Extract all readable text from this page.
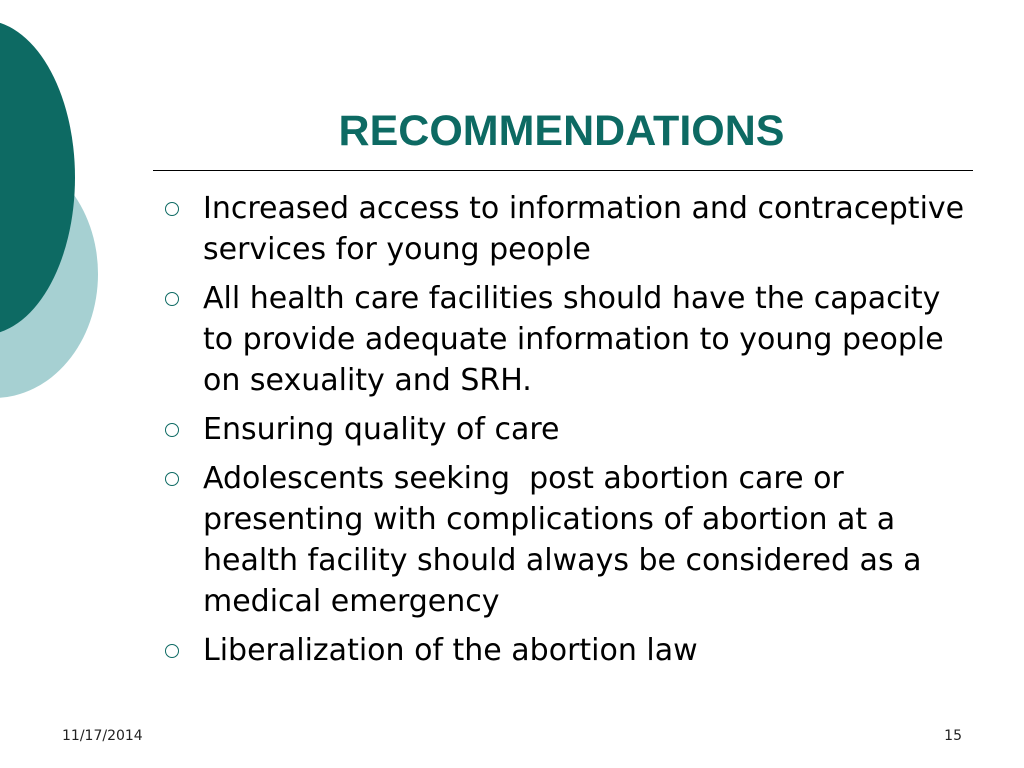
RECOMMENDATIONS
Increased access to information and contraceptive services for young people
All health care facilities should have the capacity to provide adequate information to young people on sexuality and SRH.
Ensuring quality of care
Adolescents seeking  post abortion care or presenting with complications of abortion at a health facility should always be considered as a medical emergency
Liberalization of the abortion law
11/17/2014	15
